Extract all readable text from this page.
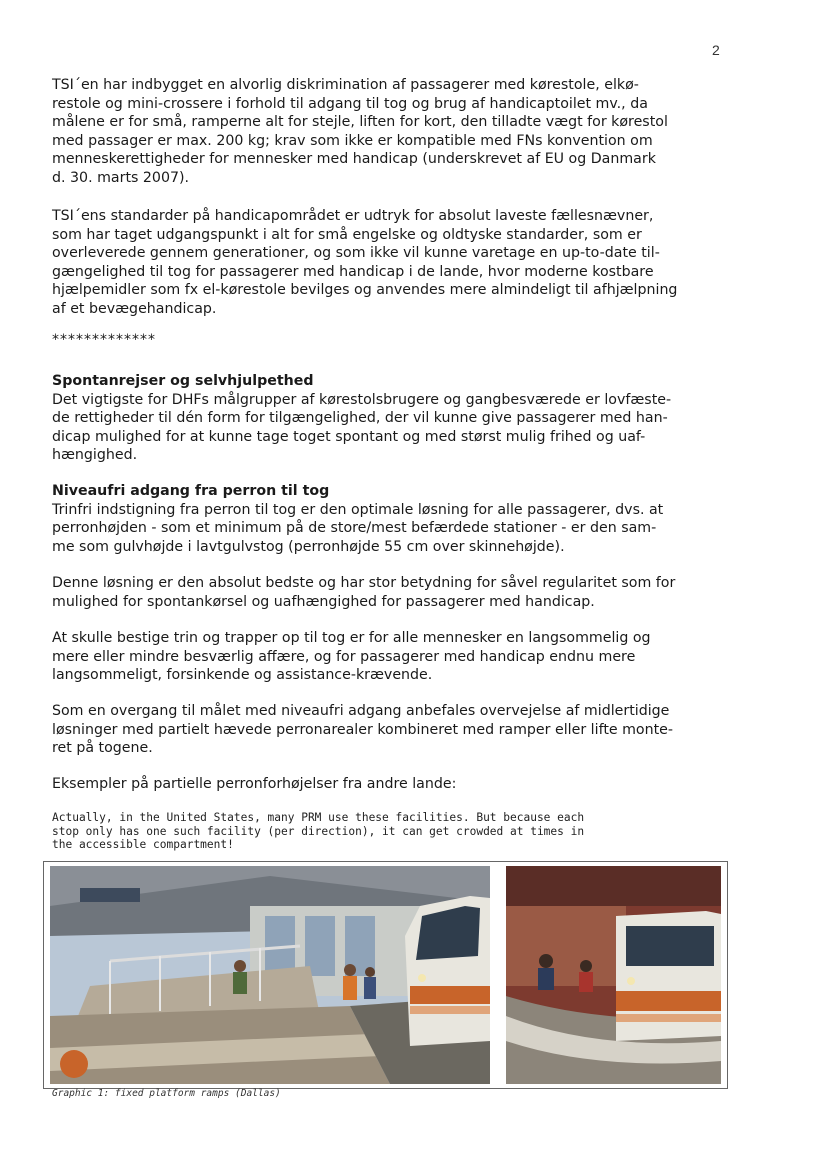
2
TSI´en har indbygget en alvorlig diskrimination af passagerer med kørestole, elkø-
restole og mini-crossere i forhold til adgang til tog og brug af handicaptoilet mv., da
målene er for små, ramperne alt for stejle, liften for kort, den tilladte vægt for kørestol
med passager er max. 200 kg; krav som ikke er kompatible med FNs konvention om
menneskerettigheder for mennesker med handicap (underskrevet af EU og Danmark
d. 30. marts 2007).
TSI´ens standarder på handicapområdet er udtryk for absolut laveste fællesnævner,
som har taget udgangspunkt i alt for små engelske og oldtyske standarder, som er
overleverede gennem generationer, og som ikke vil kunne varetage en up-to-date til-
gængelighed til tog for passagerer med handicap i de lande, hvor moderne kostbare
hjælpemidler som fx el-kørestole bevilges og anvendes mere almindeligt til afhjælpning
af et bevægehandicap.
*************
Spontanrejser og selvhjulpethed
Det vigtigste for DHFs målgrupper af kørestolsbrugere og gangbesværede er lovfæste-
de rettigheder til dén form for tilgængelighed, der vil kunne give passagerer med han-
dicap mulighed for at kunne tage toget spontant og med størst mulig frihed og uaf-
hængighed.
Niveaufri adgang fra perron til tog
Trinfri indstigning fra perron til tog er den optimale løsning for alle passagerer, dvs. at
perronhøjden - som et minimum på de store/mest befærdede stationer - er den sam-
me som gulvhøjde i lavtgulvstog (perronhøjde 55 cm over skinnehøjde).
Denne løsning er den absolut bedste og har stor betydning for såvel regularitet som for
mulighed for spontankørsel og uafhængighed for passagerer med handicap.
At skulle bestige trin og trapper op til tog er for alle mennesker en langsommelig og
mere eller mindre besværlig affære, og for passagerer med handicap endnu mere
langsommeligt, forsinkende og assistance-krævende.
Som en overgang til målet med niveaufri adgang anbefales overvejelse af midlertidige
løsninger med partielt hævede perronarealer kombineret med ramper eller lifte monte-
ret på togene.
Eksempler på partielle perronforhøjelser fra andre lande:
Actually, in the United States, many PRM use these facilities. But because each
stop only has one such facility (per direction), it can get crowded at times in
the accessible compartment!
Graphic 1: fixed platform ramps (Dallas)
